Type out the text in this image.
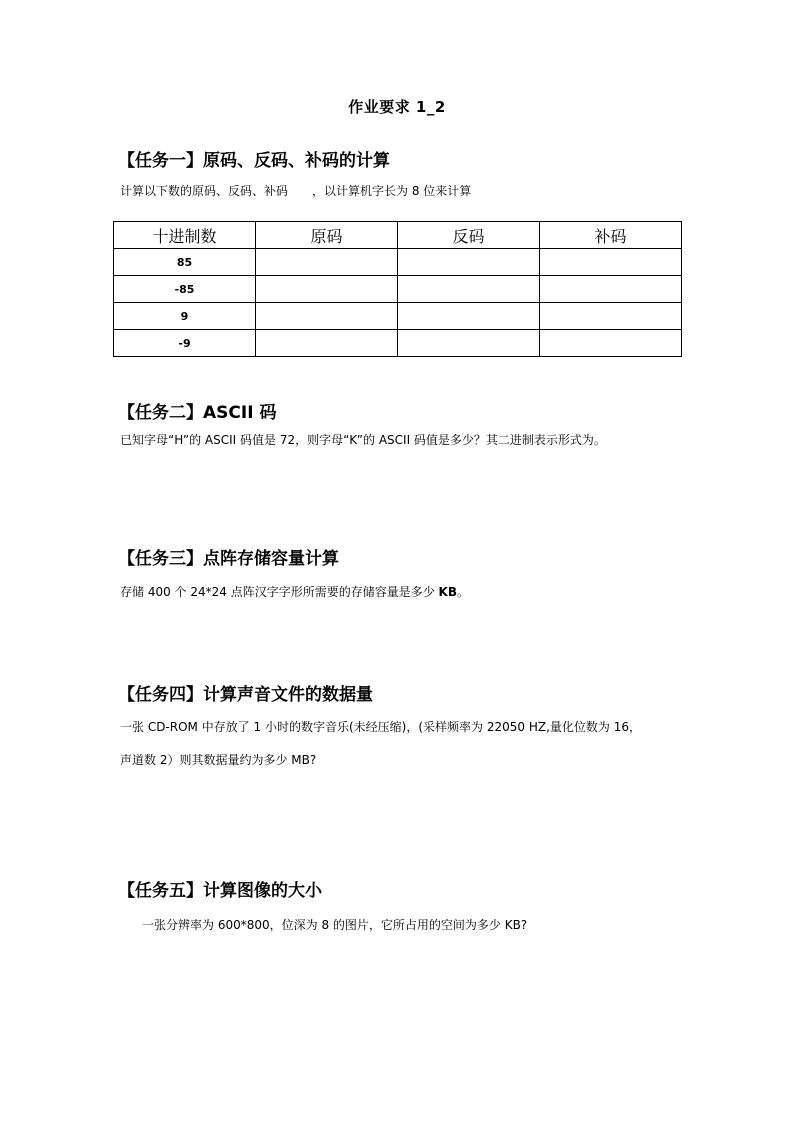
作业要求 1_2
【任务一】原码、反码、补码的计算
计算以下数的原码、反码、补码　　，以计算机字长为 8 位来计算
十进制数	原码	反码	补码
85			
-85			
9			
-9			
【任务二】ASCII 码
已知字母“H”的 ASCII 码值是 72，则字母“K”的 ASCII 码值是多少？其二进制表示形式为。
【任务三】点阵存储容量计算
存储 400 个 24*24 点阵汉字字形所需要的存储容量是多少 KB。
【任务四】计算声音文件的数据量
一张 CD-ROM 中存放了 1 小时的数字音乐(未经压缩)，(采样频率为 22050 HZ,量化位数为 16，
声道数 2）则其数据量约为多少 MB?
【任务五】计算图像的大小
一张分辨率为 600*800，位深为 8 的图片，它所占用的空间为多少 KB?
